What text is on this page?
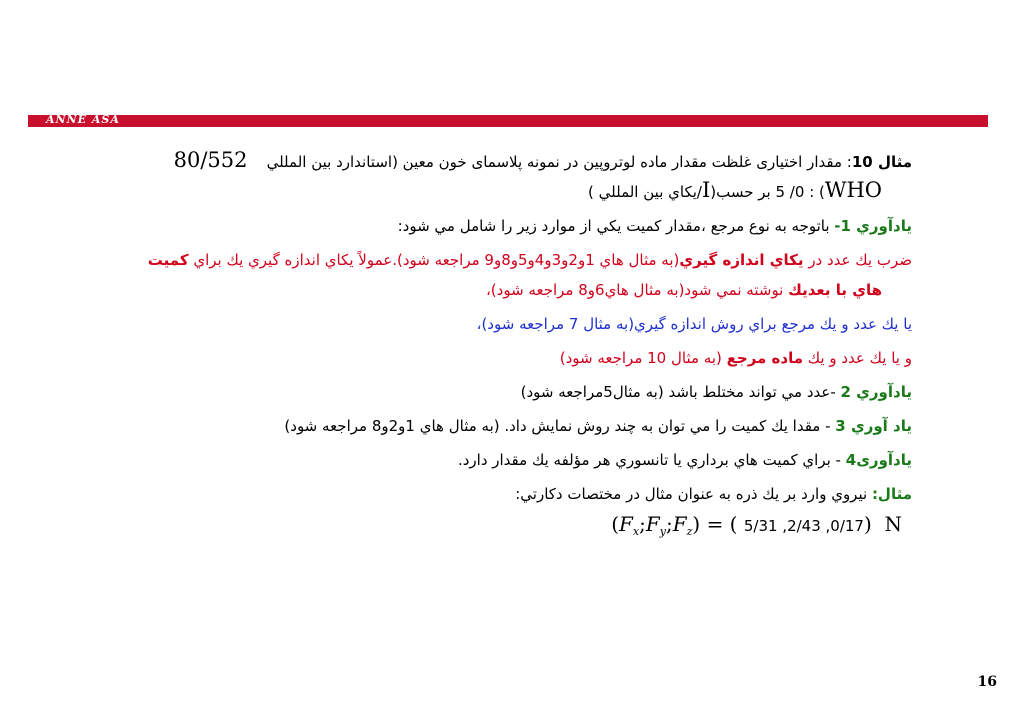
ANNE ASA

مثال 10: مقدار اختیاری غلظت مقدار ماده لوتروپین در نمونه پلاسمای خون معین (استاندارد بین المللي    80/552

WHO) : 5 /0 بر حسب(I/يكاي بين المللي )

يادآوري 1- باتوجه به نوع مرجع ،مقدار كميت يكي از موارد زير را شامل مي شود:

ضرب يك عدد در يكاي اندازه گيري(به مثال هاي 1و2و3و4و5و8و9 مراجعه شود).عمولاً يكاي اندازه گيري يك براي كميت
هاي با بعديك نوشته نمي شود(به مثال هاي6و8 مراجعه شود)،

يا يك عدد و يك مرجع براي روش اندازه گيري(به مثال 7 مراجعه شود)،

و يا يك عدد و يك ماده مرجع (به مثال 10 مراجعه شود)

يادآوري 2 -عدد مي تواند مختلط باشد (به مثال5مراجعه شود)

ياد آوري 3 - مقدا يك كميت را مي توان به چند روش نمايش داد. (به مثال هاي 1و2و8 مراجعه شود)

يادآوری4 - براي كميت هاي برداري يا تانسوري هر مؤلفه يك مقدار دارد.

مثال: نيروي وارد بر يك ذره به عنوان مثال در مختصات دكارتي:

$(F_x;F_y;F_z)$ = ( 5/31 ,2/43 ,0/17) N

16
